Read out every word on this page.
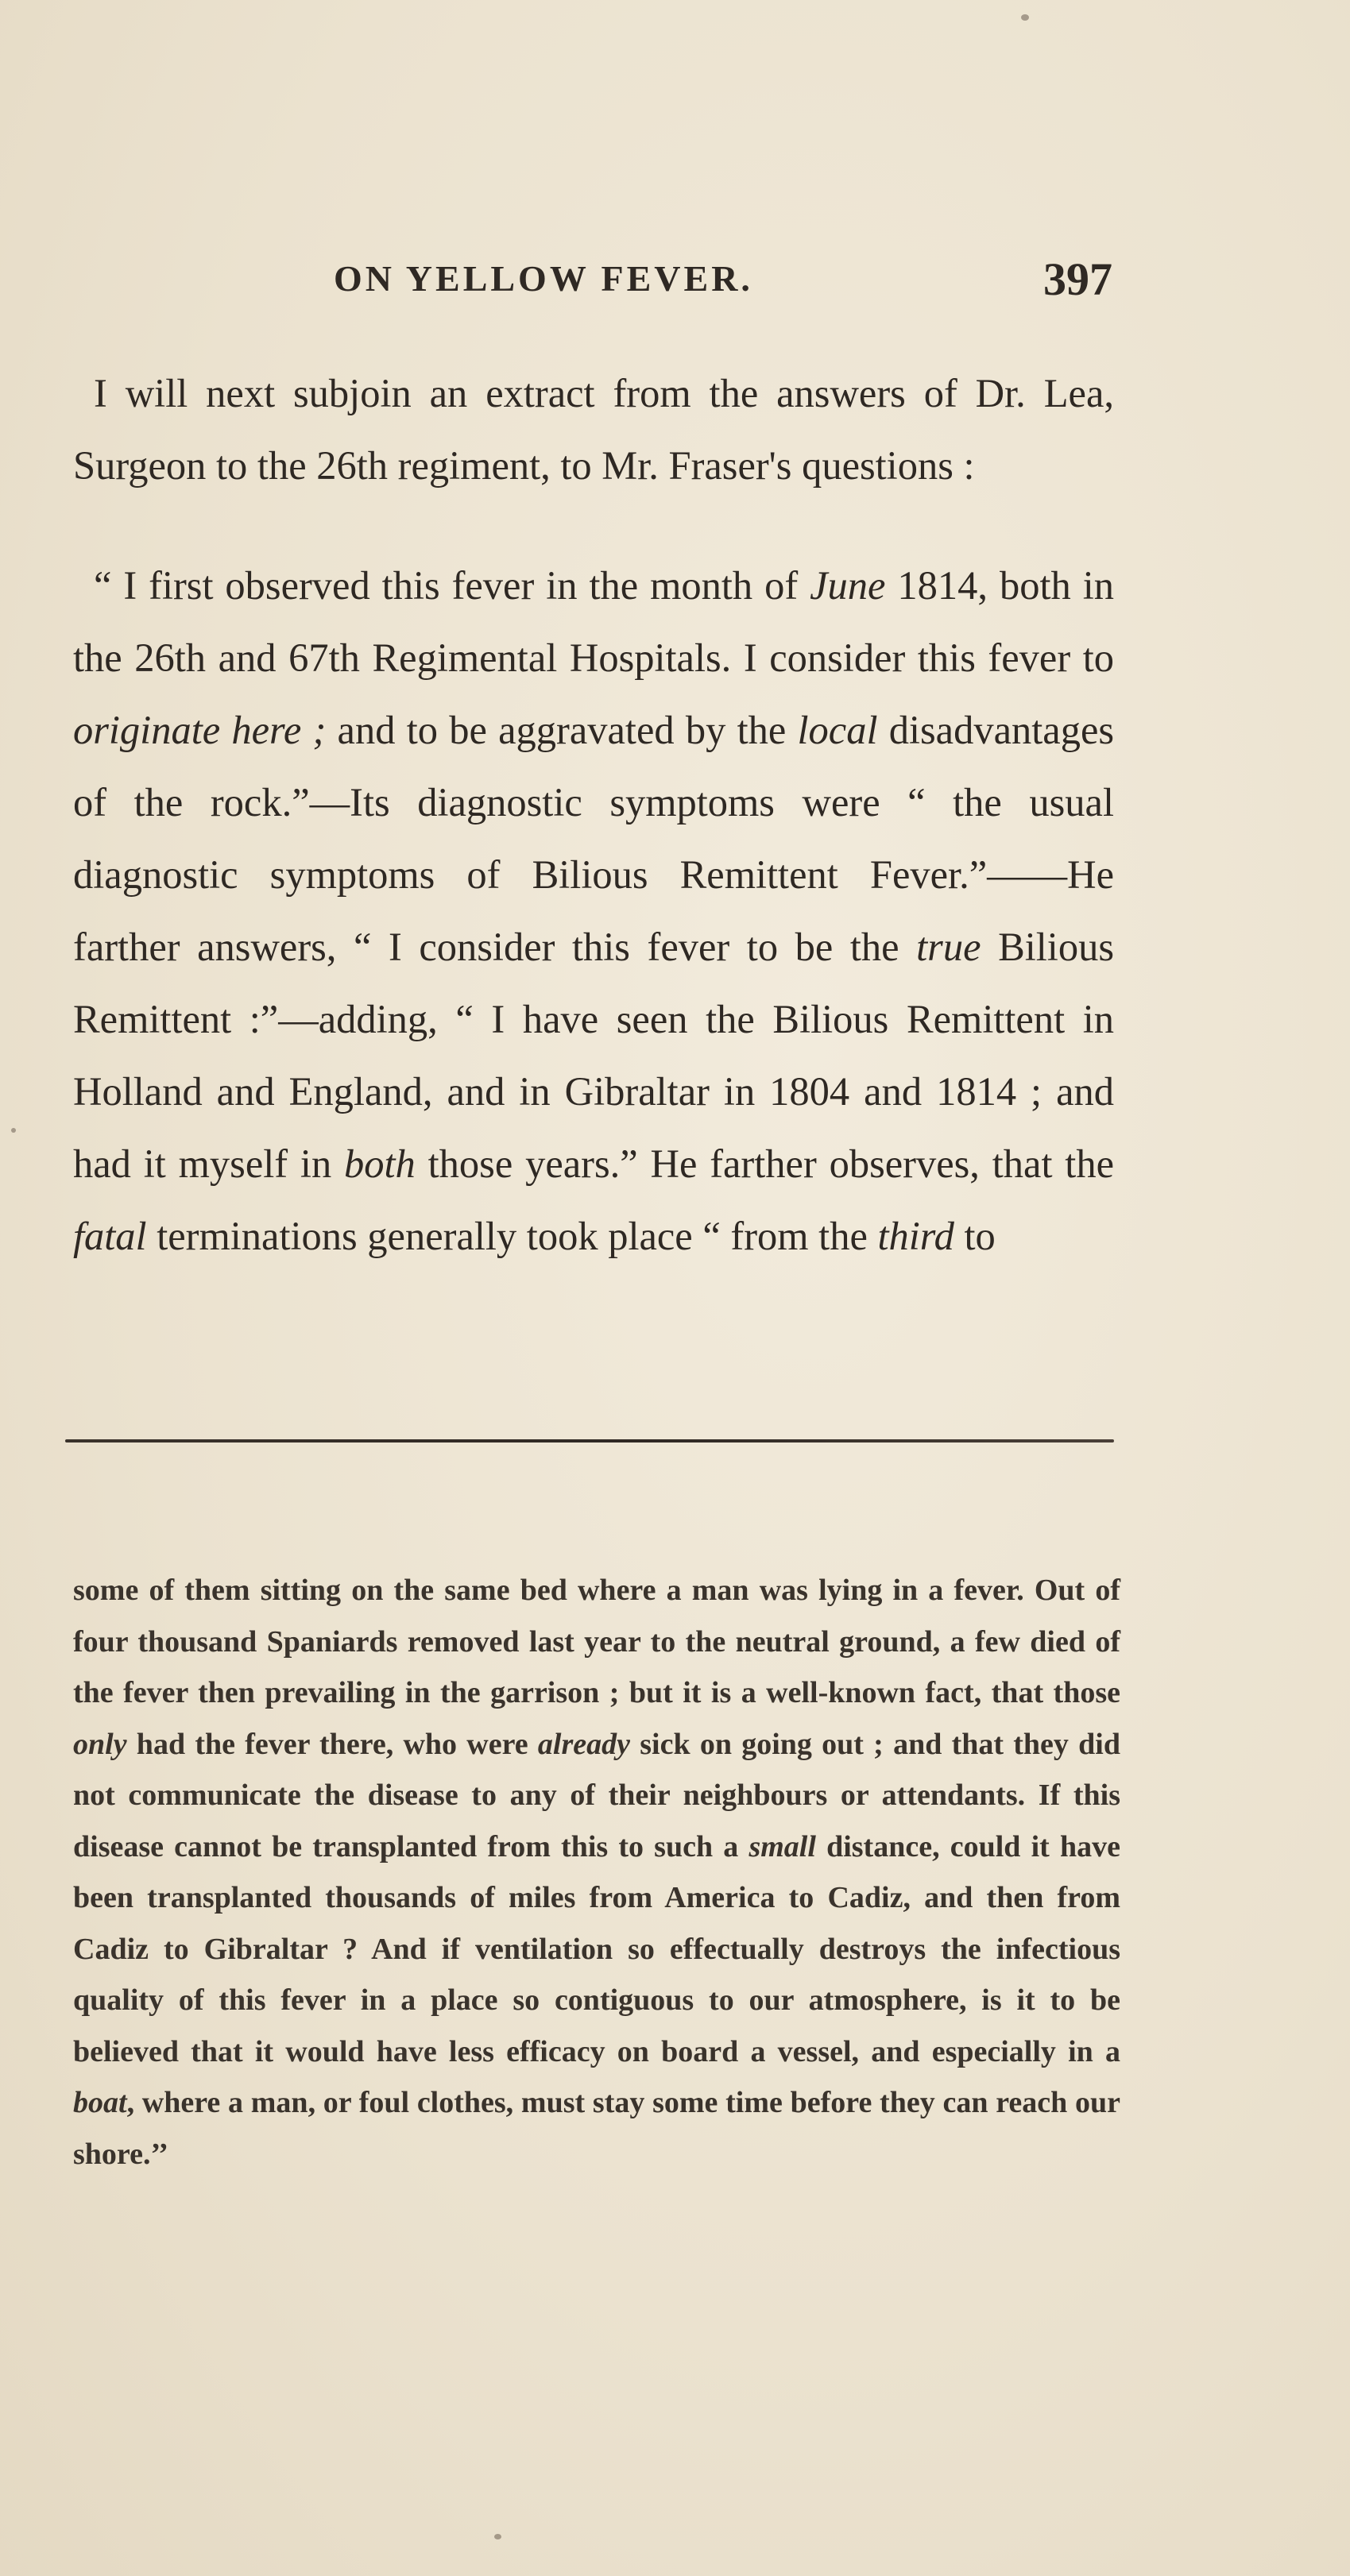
ON YELLOW FEVER.	397

I will next subjoin an extract from the answers of Dr. Lea, Surgeon to the 26th regiment, to Mr. Fraser's questions :

“ I first observed this fever in the month of June 1814, both in the 26th and 67th Regimental Hospitals. I consider this fever to originate here ; and to be aggravated by the local disadvantages of the rock.”—Its diagnostic symptoms were “ the usual diagnostic symptoms of Bilious Remittent Fever.”——He farther answers, “ I consider this fever to be the true Bilious Remittent :”—adding, “ I have seen the Bilious Remittent in Holland and England, and in Gibraltar in 1804 and 1814 ; and had it myself in both those years.” He farther observes, that the fatal terminations generally took place “ from the third to

some of them sitting on the same bed where a man was lying in a fever. Out of four thousand Spaniards removed last year to the neutral ground, a few died of the fever then prevailing in the garrison ; but it is a well-known fact, that those only had the fever there, who were already sick on going out ; and that they did not communicate the disease to any of their neighbours or attendants. If this disease cannot be transplanted from this to such a small distance, could it have been transplanted thousands of miles from America to Cadiz, and then from Cadiz to Gibraltar ? And if ventilation so effectually destroys the infectious quality of this fever in a place so contiguous to our atmosphere, is it to be believed that it would have less efficacy on board a vessel, and especially in a boat, where a man, or foul clothes, must stay some time before they can reach our shore.’’
